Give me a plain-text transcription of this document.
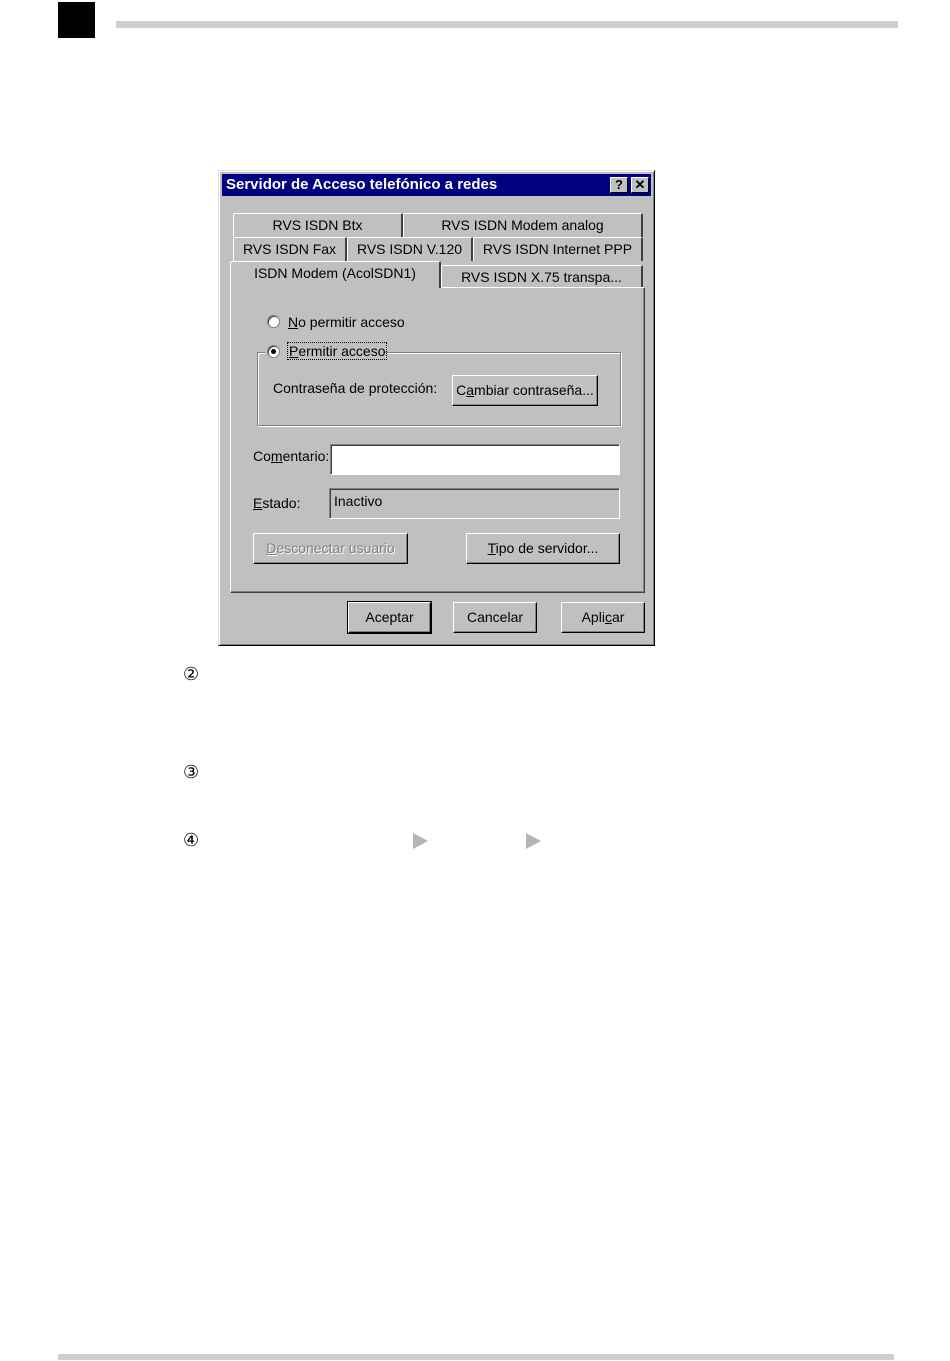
Servidor de Acceso telefónico a redes	? ✕
RVS ISDN Btx	RVS ISDN Modem analog
RVS ISDN Fax	RVS ISDN V.120	RVS ISDN Internet PPP
ISDN Modem (AcolSDN1)	RVS ISDN X.75 transpa...
No permitir acceso
Permitir acceso
Contraseña de protección: Cambiar contraseña...
Comentario:
Estado:	Inactivo
Desconectar usuario	Tipo de servidor...
Aceptar	Cancelar	Aplicar
②
③
④
